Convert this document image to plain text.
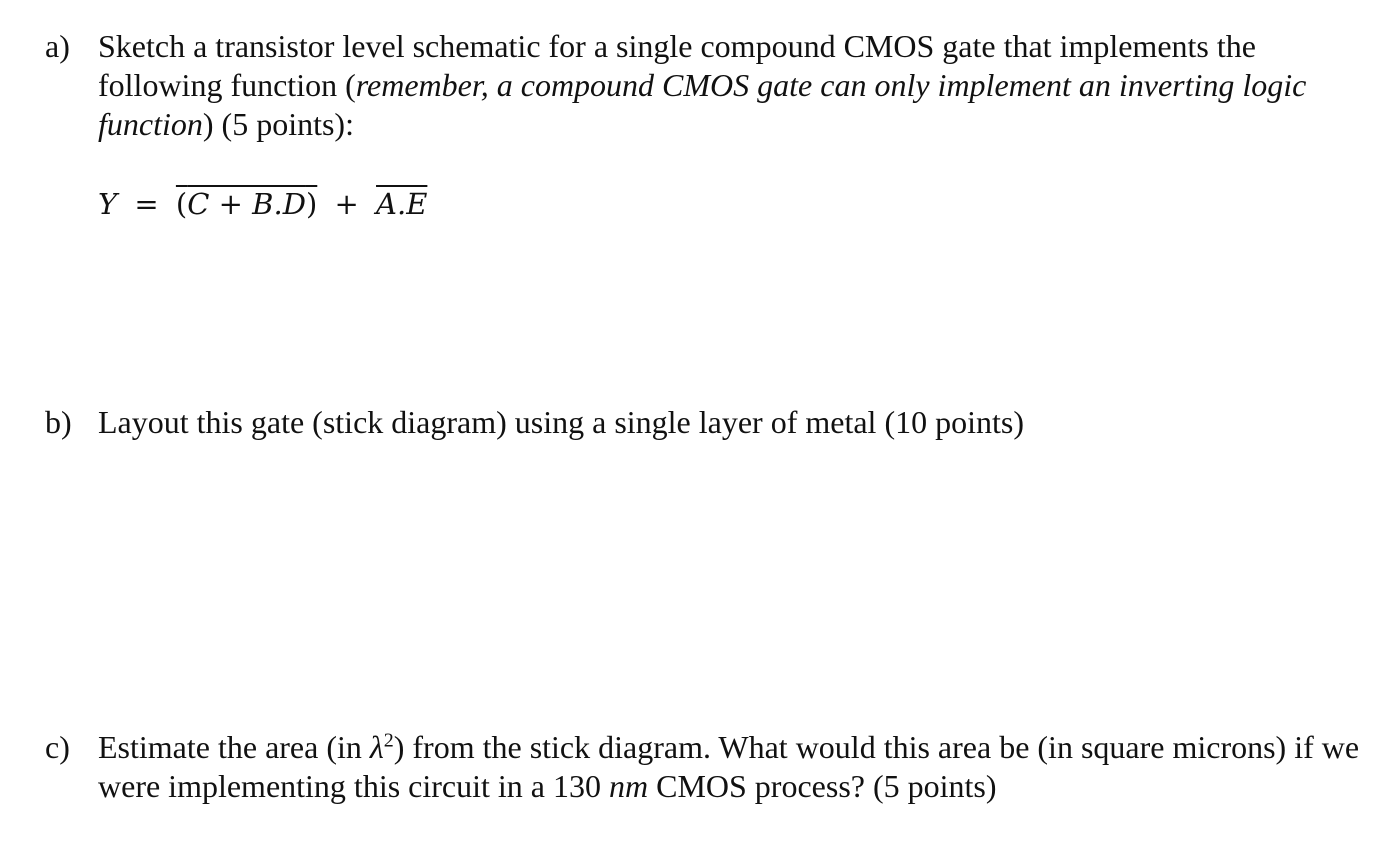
a) Sketch a transistor level schematic for a single compound CMOS gate that implements the following function (remember, a compound CMOS gate can only implement an inverting logic function) (5 points):
Y = (C + B.D) + A.E
b) Layout this gate (stick diagram) using a single layer of metal (10 points)
c) Estimate the area (in $\lambda^2$) from the stick diagram. What would this area be (in square microns) if we were implementing this circuit in a 130 nm CMOS process? (5 points)
